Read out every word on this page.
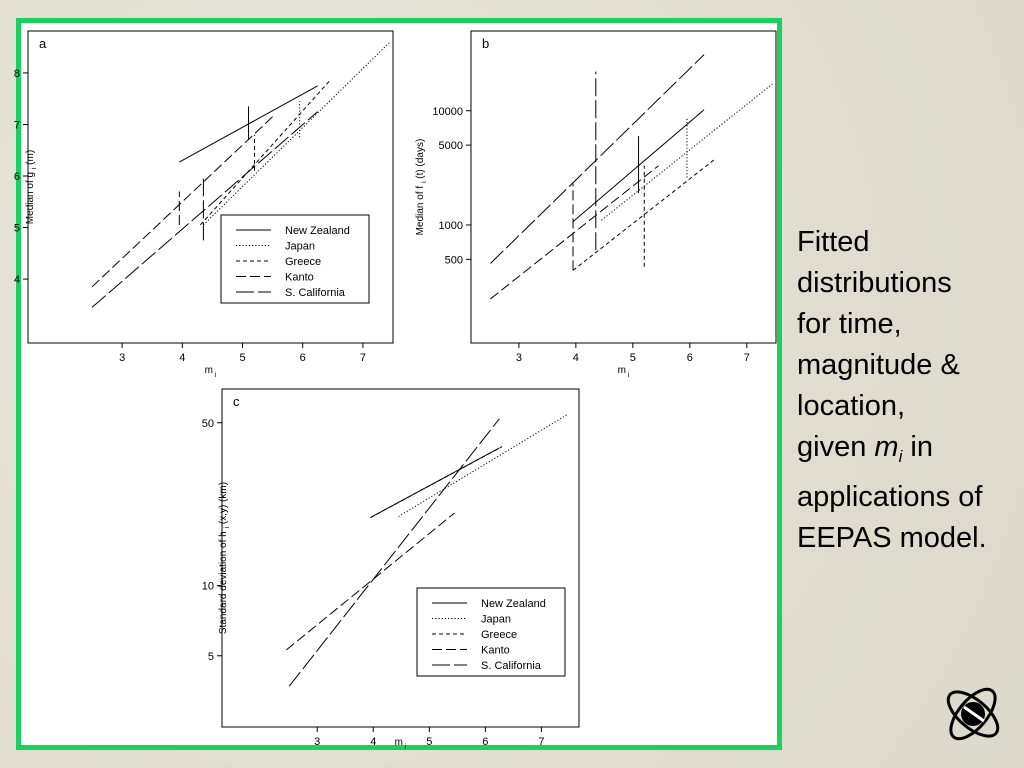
a
3	4	5	6	7
4
5
6
7
8
m $_i$
Median of g $_i$ (m)
New Zealand
Japan
Greece
Kanto
S. California
b
3	4	5	6	7
500
1000
5000
10000
m $_i$
Median of f $_i$ (t) (days)
c
3	4	5	6	7
5
10
50
m $_i$
Standard deviation of h $_i$ (x,y) (km)
New Zealand
Japan
Greece
Kanto
S. California

Fitted
distributions
for time,
magnitude &
location,
given $m_i$ in
applications of
EEPAS model.
